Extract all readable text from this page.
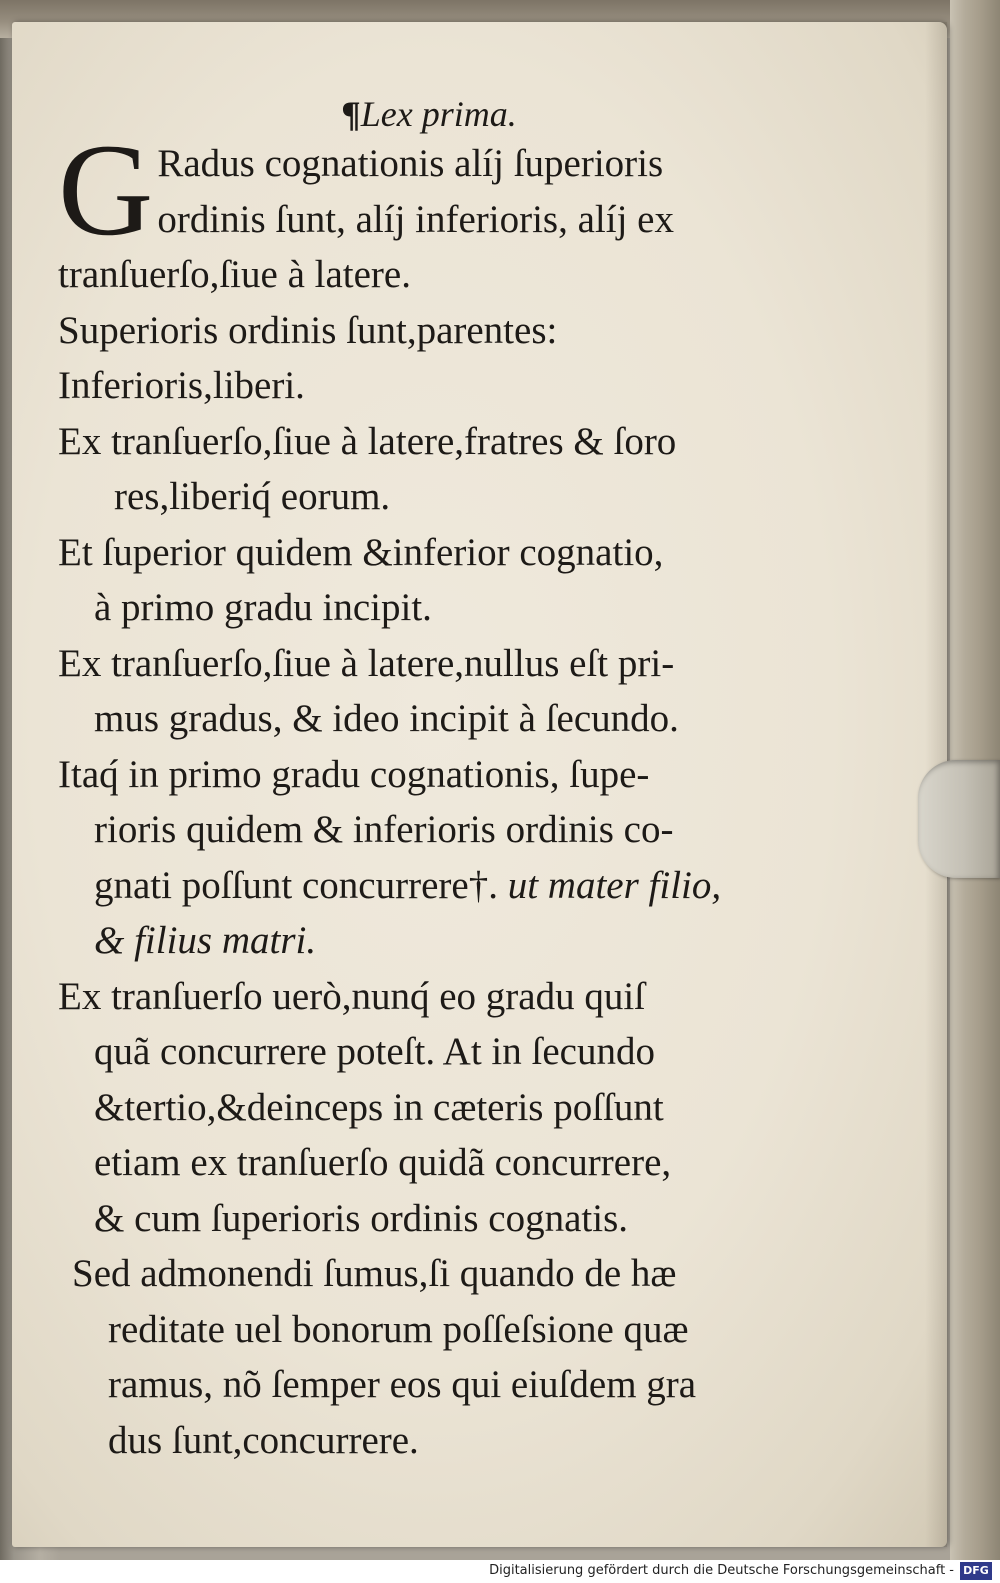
¶Lex prima.
G Radus cognationis alíj ſuperioris
ordinis ſunt, alíj inferioris, alíj ex
tranſuerſo,ſiue à latere.
Superioris ordinis ſunt,parentes:
Inferioris,liberi.
Ex tranſuerſo,ſiue à latere,fratres & ſoro
res,liberiq́ eorum.
Et ſuperior quidem &inferior cognatio,
à primo gradu incipit.
Ex tranſuerſo,ſiue à latere,nullus eſt pri-
mus gradus, & ideo incipit à ſecundo.
Itaq́ in primo gradu cognationis, ſupe-
rioris quidem & inferioris ordinis co-
gnati poſſunt concurrere†. ut mater filio,
& filius matri.
Ex tranſuerſo uerò,nunq́ eo gradu quiſ
quã concurrere poteſt. At in ſecundo
&tertio,&deinceps in cæteris poſſunt
etiam ex tranſuerſo quidã concurrere,
& cum ſuperioris ordinis cognatis.
Sed admonendi ſumus,ſi quando de hæ
reditate uel bonorum poſſeſsione quæ
ramus, nõ ſemper eos qui eiuſdem gra
dus ſunt,concurrere.
Digitalisierung gefördert durch die Deutsche Forschungsgemeinschaft - DFG
